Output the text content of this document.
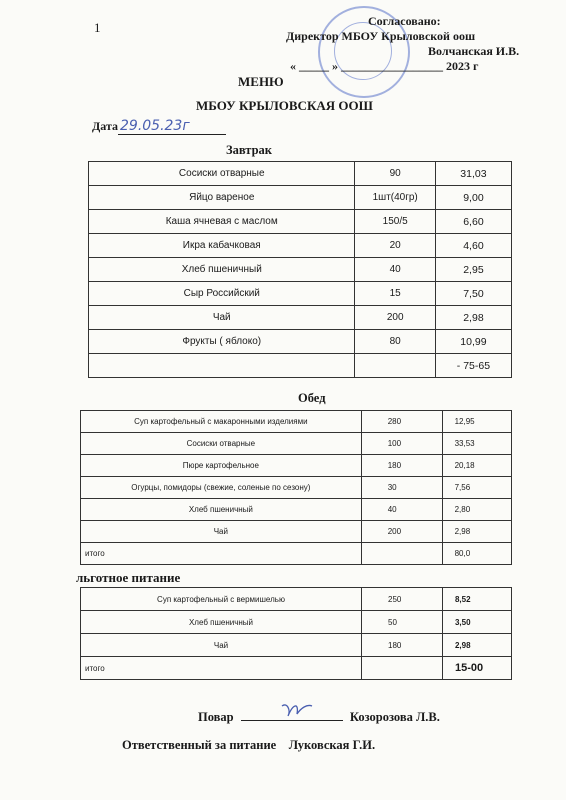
1	Согласовано:
Директор МБОУ Крыловской оош
Волчанская И.В.
« _____ » _________________ 2023 г
МЕНЮ
МБОУ КРЫЛОВСКАЯ ООШ
Дата 29.05.23г
Завтрак
Сосиски отварные	90	31,03
Яйцо вареное	1шт(40гр)	9,00
Каша ячневая с маслом	150/5	6,60
Икра кабачковая	20	4,60
Хлеб пшеничный	40	2,95
Сыр Российский	15	7,50
Чай	200	2,98
Фрукты ( яблоко)	80	10,99
		- 75-65
Обед
Суп картофельный с макаронными изделиями	280	12,95
Сосиски отварные	100	33,53
Пюре картофельное	180	20,18
Огурцы, помидоры (свежие, соленые по сезону)	30	7,56
Хлеб пшеничный	40	2,80
Чай	200	2,98
итого		80,0
льготное питание
Суп картофельный с вермишелью	250	8,52
Хлеб пшеничный	50	3,50
Чай	180	2,98
итого		15-00
Повар	Козорозова Л.В.
Ответственный за питание Луковская Г.И.
